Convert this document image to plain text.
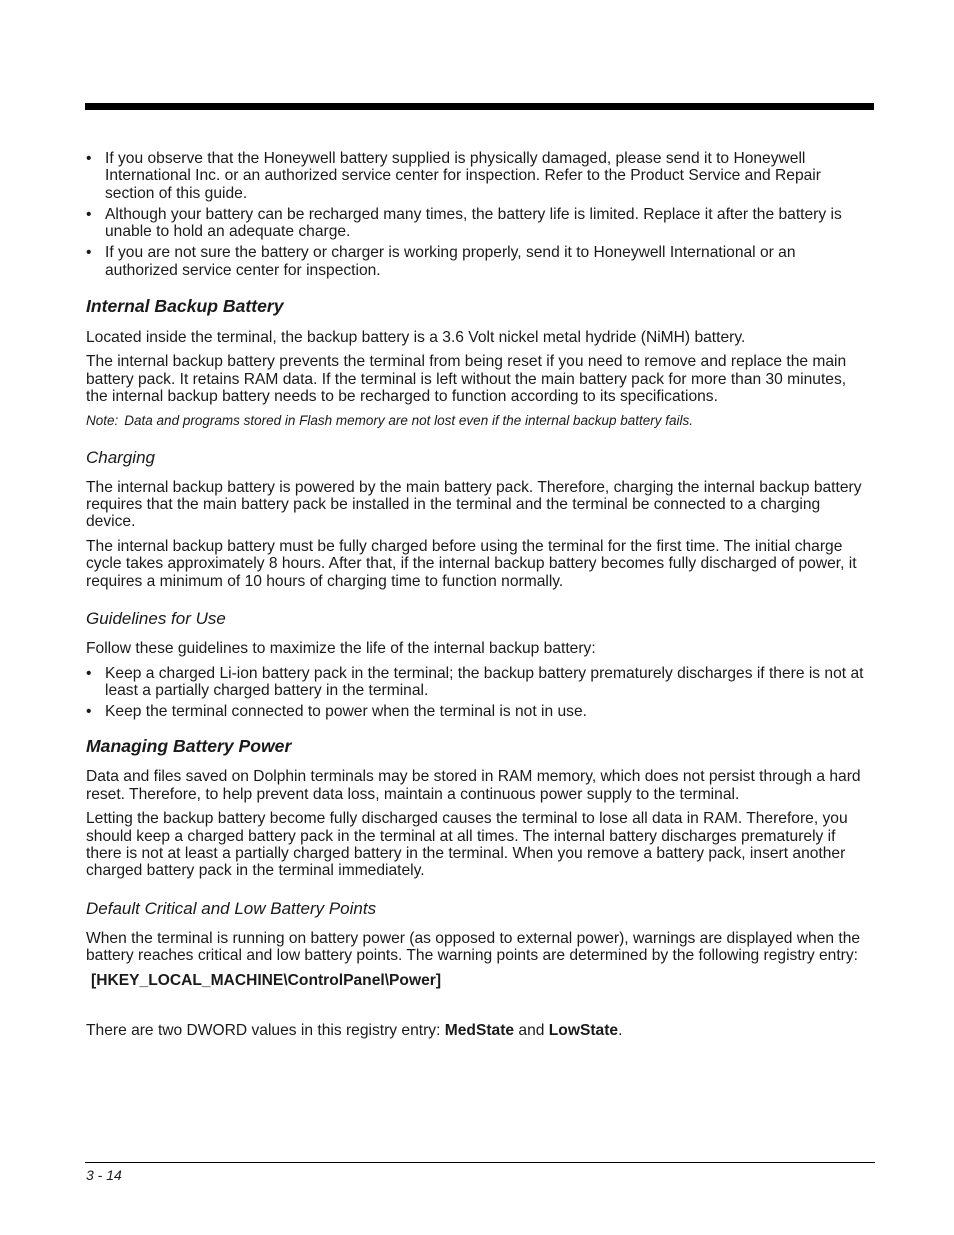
• If you observe that the Honeywell battery supplied is physically damaged, please send it to Honeywell International Inc. or an authorized service center for inspection. Refer to the Product Service and Repair section of this guide.
• Although your battery can be recharged many times, the battery life is limited. Replace it after the battery is unable to hold an adequate charge.
• If you are not sure the battery or charger is working properly, send it to Honeywell International or an authorized service center for inspection.
Internal Backup Battery

Located inside the terminal, the backup battery is a 3.6 Volt nickel metal hydride (NiMH) battery.

The internal backup battery prevents the terminal from being reset if you need to remove and replace the main battery pack. It retains RAM data. If the terminal is left without the main battery pack for more than 30 minutes, the internal backup battery needs to be recharged to function according to its specifications.

Note: Data and programs stored in Flash memory are not lost even if the internal backup battery fails.

Charging

The internal backup battery is powered by the main battery pack. Therefore, charging the internal backup battery requires that the main battery pack be installed in the terminal and the terminal be connected to a charging device.

The internal backup battery must be fully charged before using the terminal for the first time. The initial charge cycle takes approximately 8 hours. After that, if the internal backup battery becomes fully discharged of power, it requires a minimum of 10 hours of charging time to function normally.

Guidelines for Use

Follow these guidelines to maximize the life of the internal backup battery:

• Keep a charged Li-ion battery pack in the terminal; the backup battery prematurely discharges if there is not at least a partially charged battery in the terminal.
• Keep the terminal connected to power when the terminal is not in use.
Managing Battery Power

Data and files saved on Dolphin terminals may be stored in RAM memory, which does not persist through a hard reset. Therefore, to help prevent data loss, maintain a continuous power supply to the terminal.

Letting the backup battery become fully discharged causes the terminal to lose all data in RAM. Therefore, you should keep a charged battery pack in the terminal at all times. The internal battery discharges prematurely if there is not at least a partially charged battery in the terminal. When you remove a battery pack, insert another charged battery pack in the terminal immediately.

Default Critical and Low Battery Points

When the terminal is running on battery power (as opposed to external power), warnings are displayed when the battery reaches critical and low battery points. The warning points are determined by the following registry entry:

[HKEY_LOCAL_MACHINE\ControlPanel\Power]

There are two DWORD values in this registry entry: MedState and LowState.

3 - 14
